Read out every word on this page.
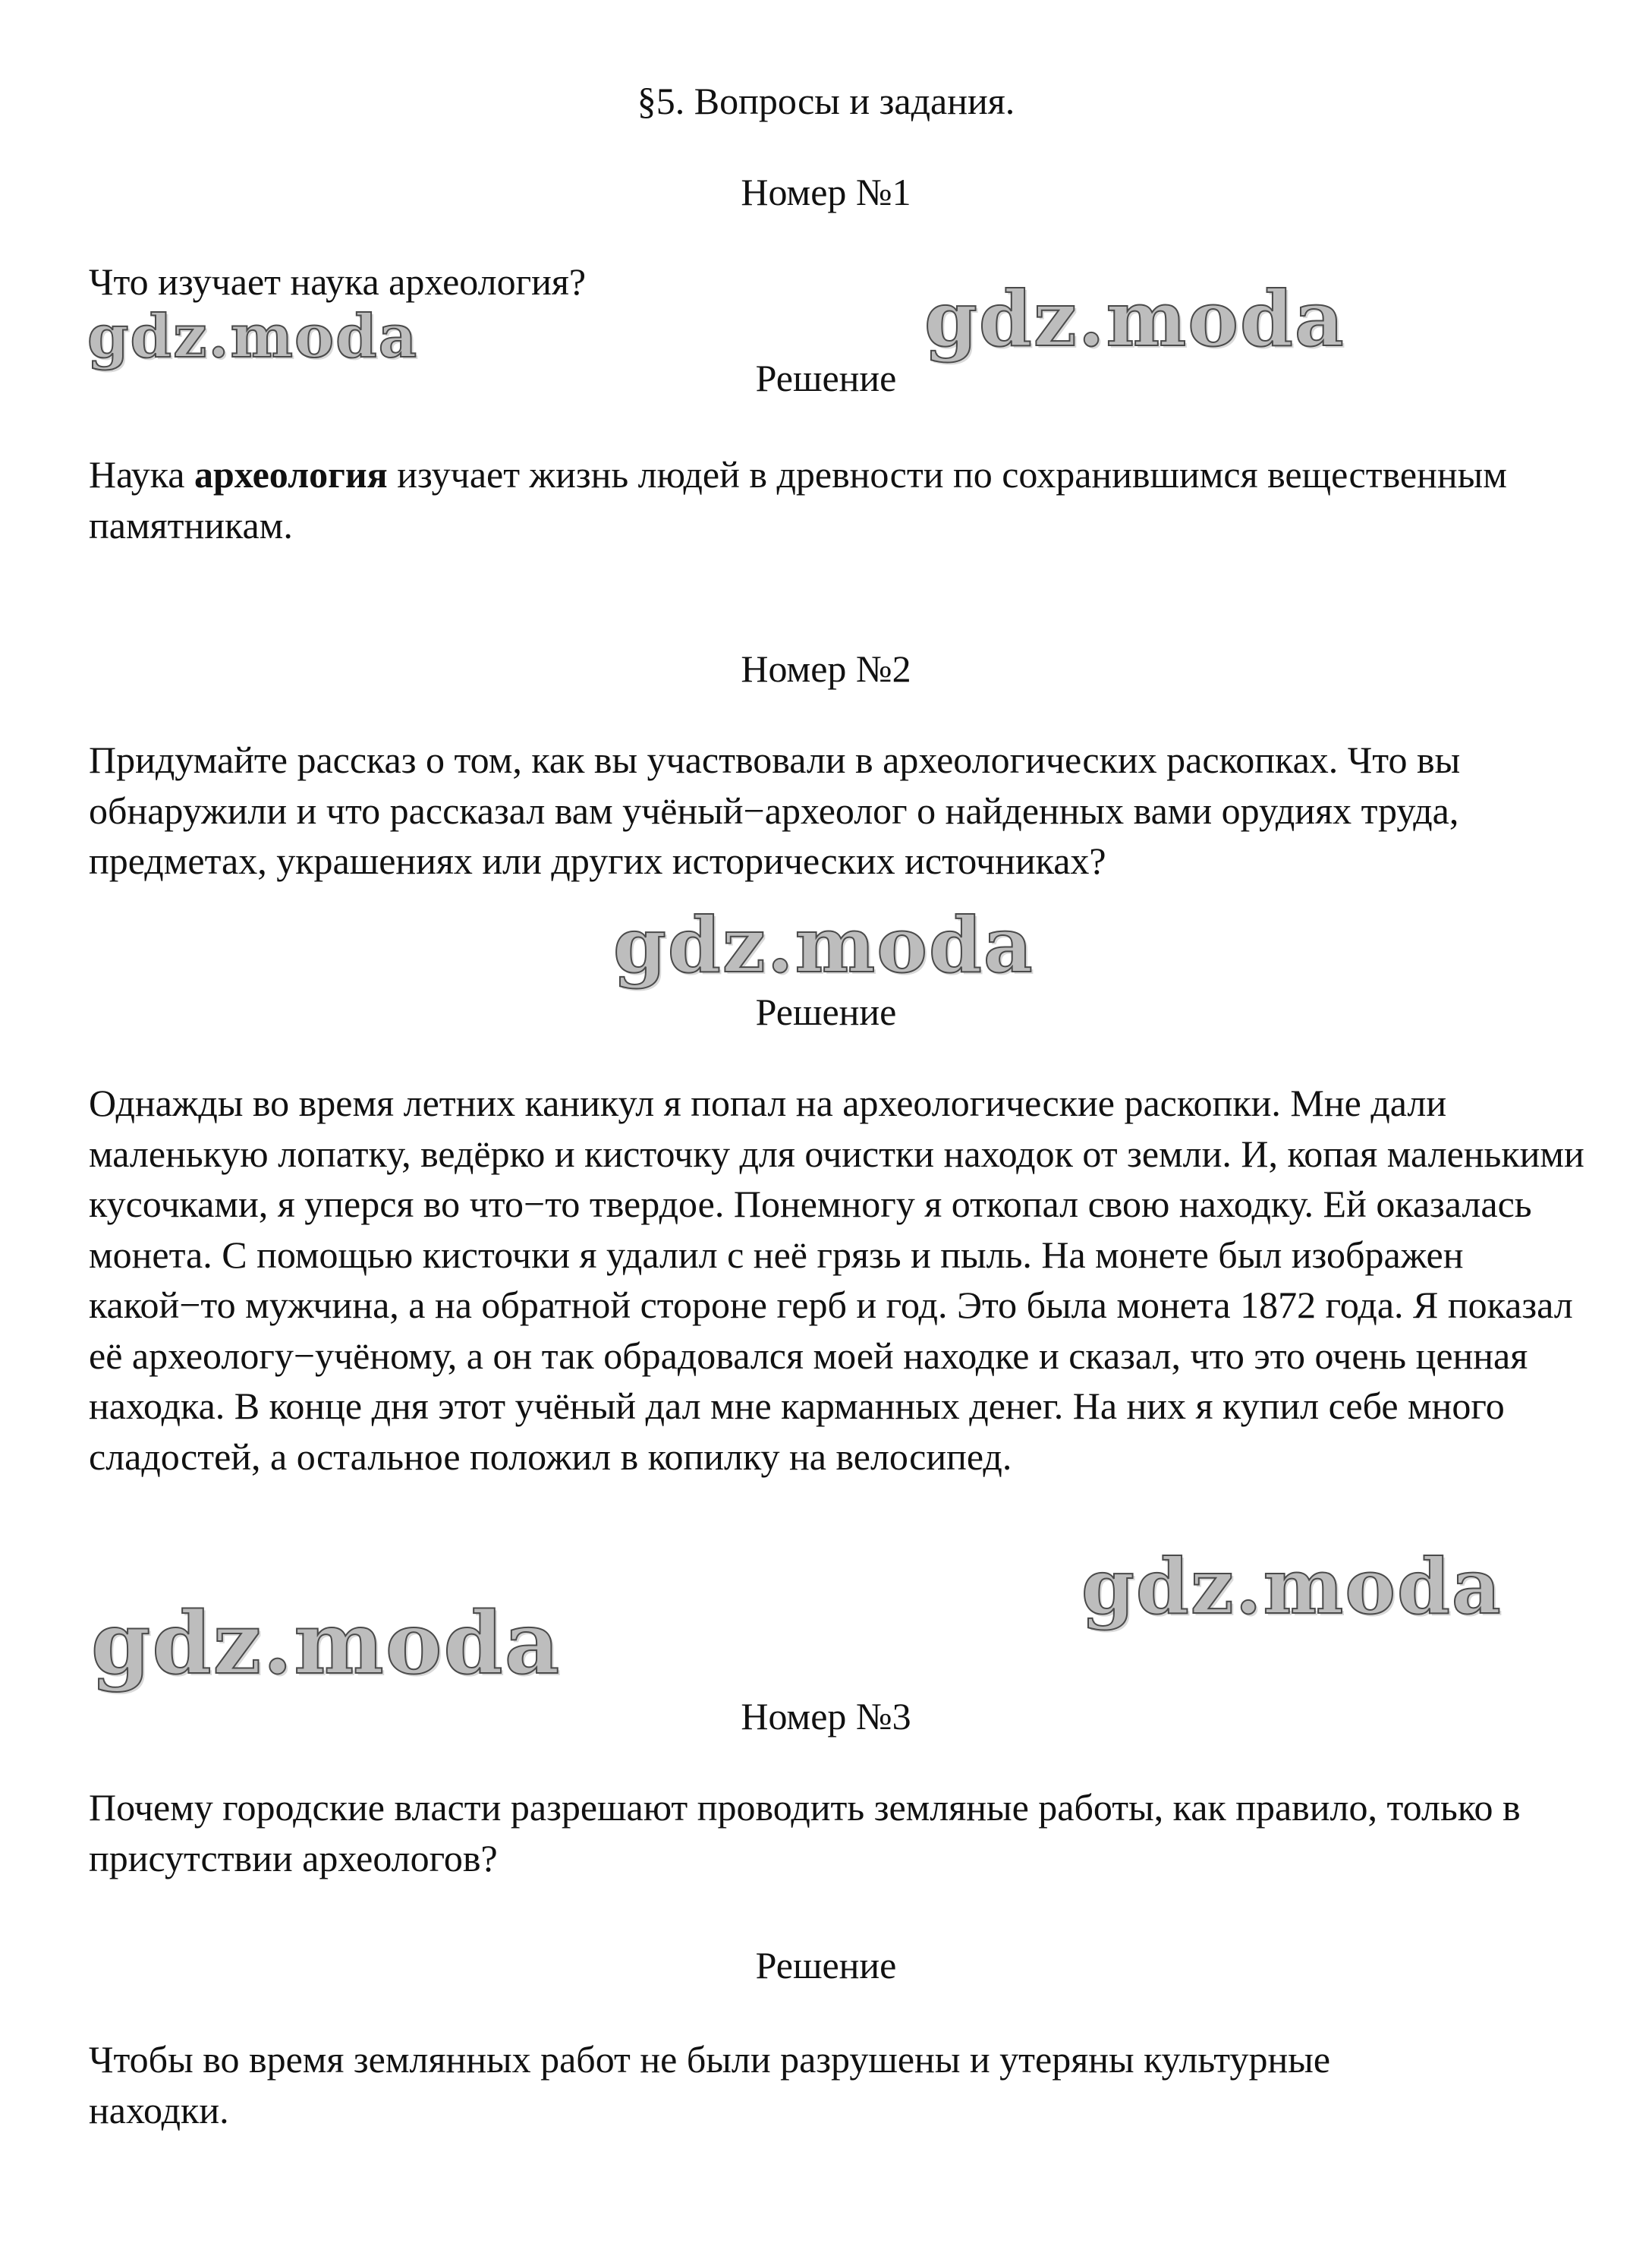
§5. Вопросы и задания.
Номер №1

Что изучает наука археология?

Решение

Наука археология изучает жизнь людей в древности по сохранившимся вещественным памятникам.

Номер №2

Придумайте рассказ о том, как вы участвовали в археологических раскопках. Что вы обнаружили и что рассказал вам учёный−археолог о найденных вами орудиях труда, предметах, украшениях или других исторических источниках?

Решение

Однажды во время летних каникул я попал на археологические раскопки. Мне дали маленькую лопатку, ведёрко и кисточку для очистки находок от земли. И, копая маленькими кусочками, я уперся во что−то твердое. Понемногу я откопал свою находку. Ей оказалась монета. С помощью кисточки я удалил с неё грязь и пыль. На монете был изображен какой−то мужчина, а на обратной стороне герб и год. Это была монета 1872 года. Я показал её археологу−учёному, а он так обрадовался моей находке и сказал, что это очень ценная находка. В конце дня этот учёный дал мне карманных денег. На них я купил себе много сладостей, а остальное положил в копилку на велосипед.

Номер №3

Почему городские власти разрешают проводить земляные работы, как правило, только в присутствии археологов?

Решение

Чтобы во время землянных работ не были разрушены и утеряны культурные находки.

gdz.moda	gdz.moda
gdz.moda
gdz.moda
gdz.moda
